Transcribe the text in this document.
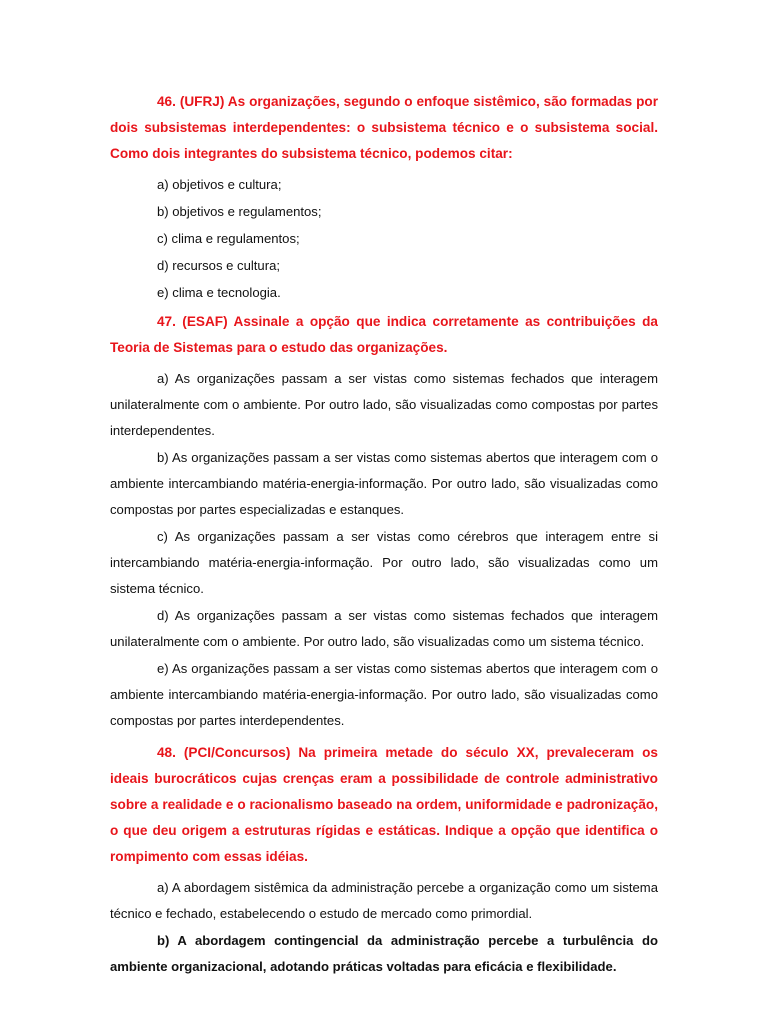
46. (UFRJ) As organizações, segundo o enfoque sistêmico, são formadas por dois subsistemas interdependentes: o subsistema técnico e o subsistema social. Como dois integrantes do subsistema técnico, podemos citar:

a) objetivos e cultura;

b) objetivos e regulamentos;

c) clima e regulamentos;

d) recursos e cultura;

e) clima e tecnologia.

47. (ESAF) Assinale a opção que indica corretamente as contribuições da Teoria de Sistemas para o estudo das organizações.

a) As organizações passam a ser vistas como sistemas fechados que interagem unilateralmente com o ambiente. Por outro lado, são visualizadas como compostas por partes interdependentes.

b) As organizações passam a ser vistas como sistemas abertos que interagem com o ambiente intercambiando matéria-energia-informação. Por outro lado, são visualizadas como compostas por partes especializadas e estanques.

c) As organizações passam a ser vistas como cérebros que interagem entre si intercambiando matéria-energia-informação. Por outro lado, são visualizadas como um sistema técnico.

d) As organizações passam a ser vistas como sistemas fechados que interagem unilateralmente com o ambiente. Por outro lado, são visualizadas como um sistema técnico.

e) As organizações passam a ser vistas como sistemas abertos que interagem com o ambiente intercambiando matéria-energia-informação. Por outro lado, são visualizadas como compostas por partes interdependentes.

48. (PCI/Concursos) Na primeira metade do século XX, prevaleceram os ideais burocráticos cujas crenças eram a possibilidade de controle administrativo sobre a realidade e o racionalismo baseado na ordem, uniformidade e padronização, o que deu origem a estruturas rígidas e estáticas. Indique a opção que identifica o rompimento com essas idéias.

a) A abordagem sistêmica da administração percebe a organização como um sistema técnico e fechado, estabelecendo o estudo de mercado como primordial.

b) A abordagem contingencial da administração percebe a turbulência do ambiente organizacional, adotando práticas voltadas para eficácia e flexibilidade.
